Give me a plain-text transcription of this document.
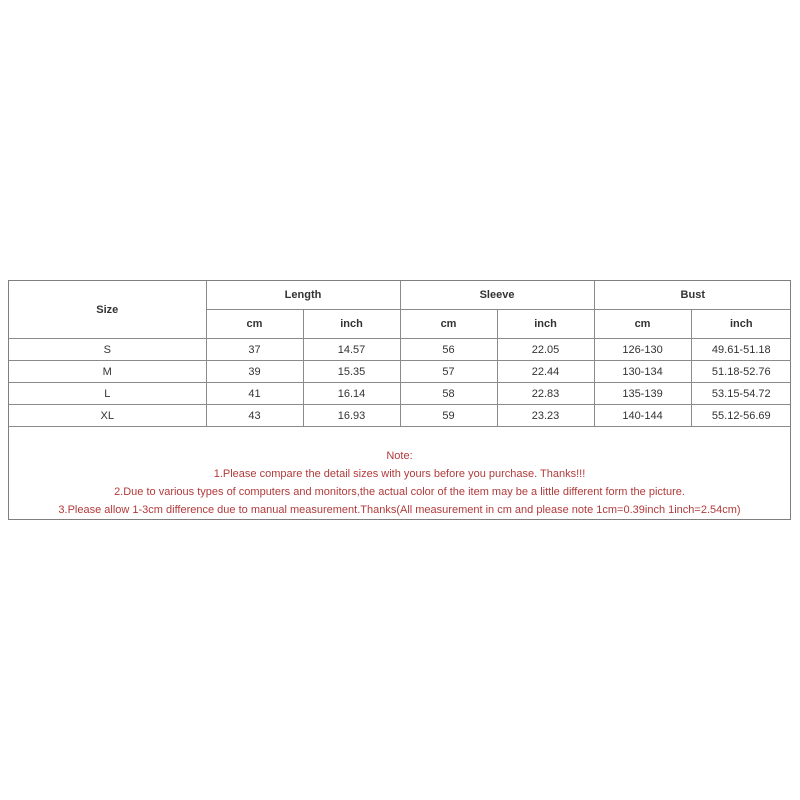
Size	Length		Sleeve		Bust	
	cm	inch	cm	inch	cm	inch
S	37	14.57	56	22.05	126-130	49.61-51.18
M	39	15.35	57	22.44	130-134	51.18-52.76
L	41	16.14	58	22.83	135-139	53.15-54.72
XL	43	16.93	59	23.23	140-144	55.12-56.69
Note:
1.Please compare the detail sizes with yours before you purchase. Thanks!!!
2.Due to various types of computers and monitors,the actual color of the item may be a little different form the picture.
3.Please allow 1-3cm difference due to manual measurement.Thanks(All measurement in cm and please note 1cm=0.39inch 1inch=2.54cm)
